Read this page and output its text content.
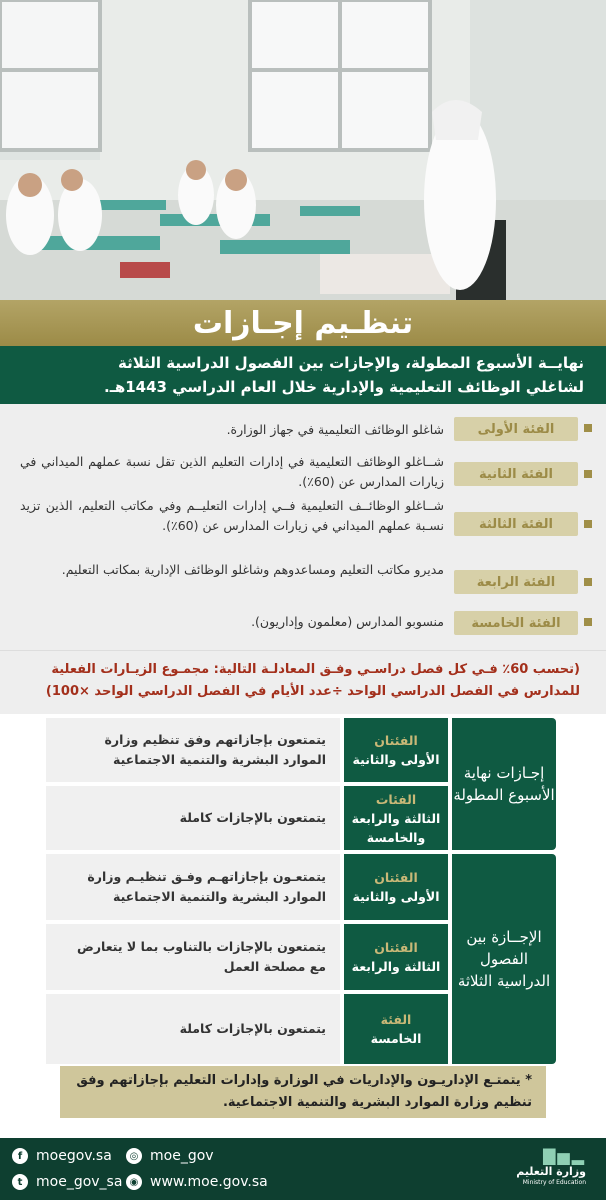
تنظـيم إجـازات
نهايــة الأسبوع المطولة، والإجازات بين الفصول الدراسية الثلاثة
لشاغلي الوظائف التعليمية والإدارية خلال العام الدراسي 1443هـ.
الفئة الأولى
شاغلو الوظائف التعليمية في جهاز الوزارة.
الفئة الثانية
شــاغلو الوظائف التعليمية في إدارات التعليم الذين تقل نسبة عملهم الميداني في زيارات المدارس عن (60٪).
الفئة الثالثة
شــاغلو الوظائــف التعليمية فــي إدارات التعليــم وفي مكاتب التعليم، الذين تزيد نسـبة عملهم الميداني في زيارات المدارس عن (60٪).
الفئة الرابعة
مديرو مكاتب التعليم ومساعدوهم وشاغلو الوظائف الإدارية بمكاتب التعليم.
الفئة الخامسة
منسوبو المدارس (معلمون وإداريون).
(تحسب 60٪ فـي كل فصل دراسـي وفـق المعادلـة التالية: مجمـوع الزيـارات الفعلية للمدارس في الفصل الدراسي الواحد ÷عدد الأيام في الفصل الدراسي الواحد ×100)
إجـازات نهاية الأسبوع المطولة
الإجــازة بين الفصول الدراسية الثلاثة
الفئتان
الأولى والثانية
يتمتعون بإجازاتهم وفق تنظيم وزارة الموارد البشرية والتنمية الاجتماعية
الفئات
الثالثة والرابعة والخامسة
يتمتعون بالإجازات كاملة
الفئتان
الأولى والثانية
يتمتعـون بإجازاتهـم وفـق تنظيـم وزارة الموارد البشرية والتنمية الاجتماعية
الفئتان
الثالثة والرابعة
يتمتعون بالإجازات بالتناوب بما لا يتعارض مع مصلحة العمل
الفئة
الخامسة
يتمتعون بالإجازات كاملة
* يتمتـع الإداريـون والإداريات في الوزارة وإدارات التعليم بإجازاتهم وفق تنظيم وزارة الموارد البشرية والتنمية الاجتماعية.
f moegov.sa	◎ moe_gov
t moe_gov_sa ◉ www.moe.gov.sa
▂▅▇
وزارة التعليم
Ministry of Education
